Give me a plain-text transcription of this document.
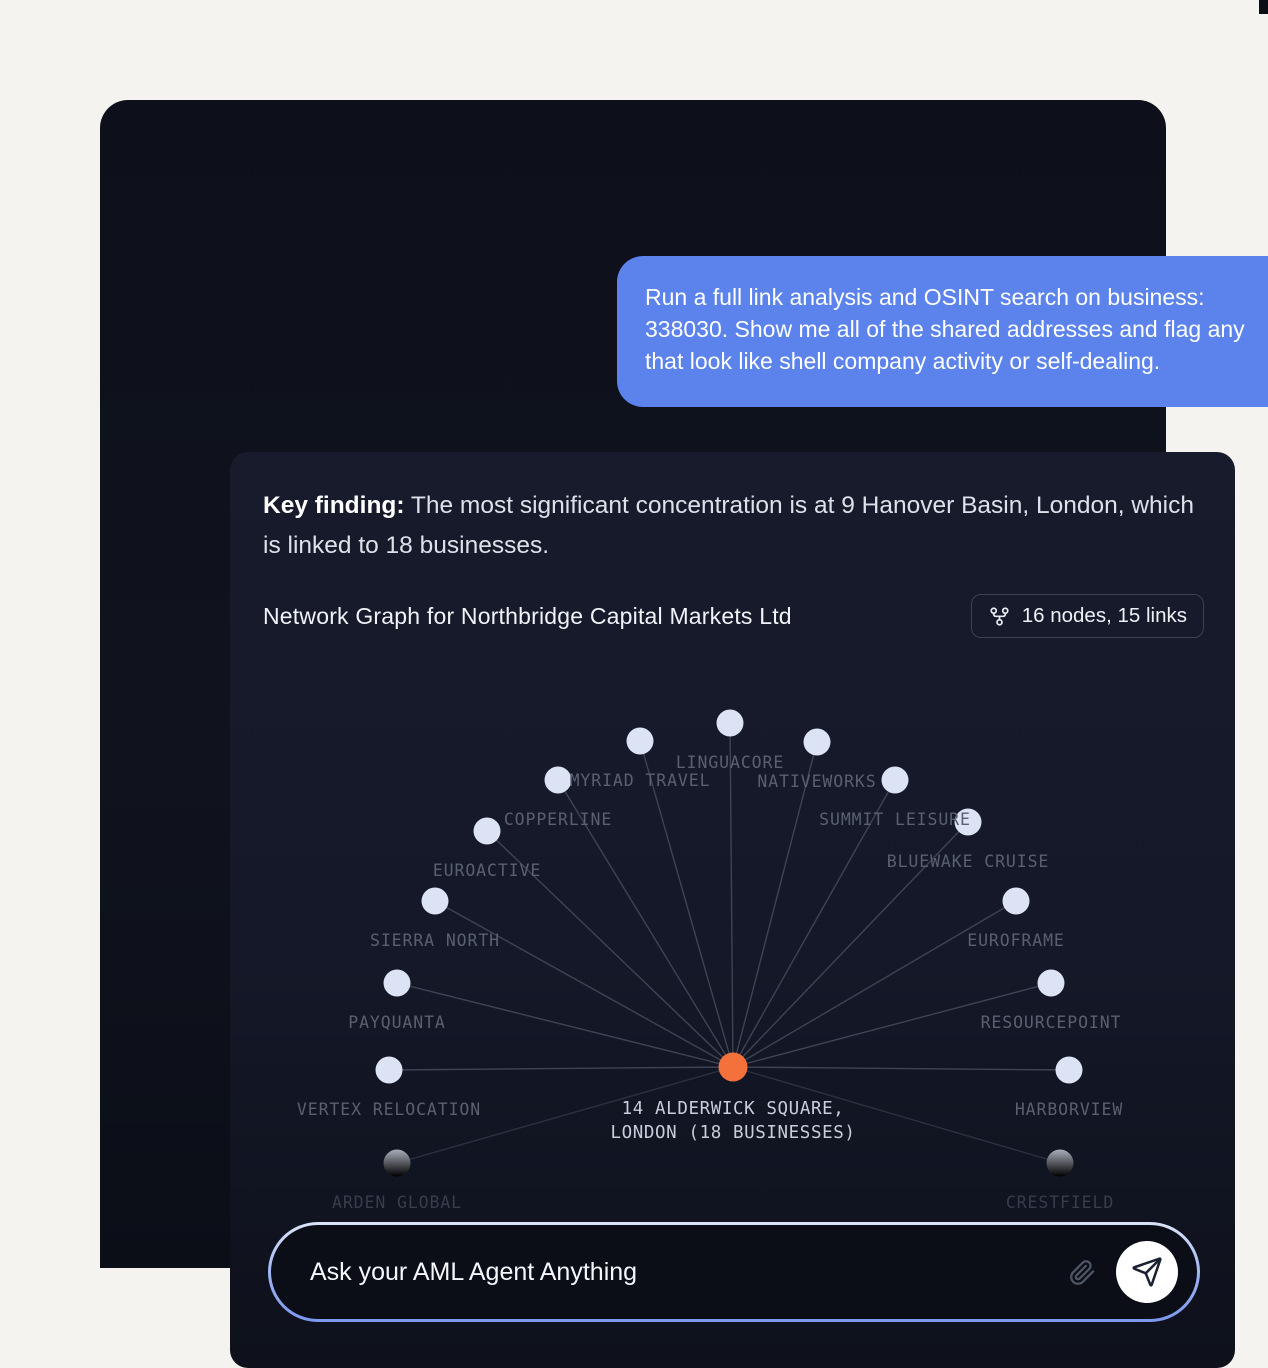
Run a full link analysis and OSINT search on business: 338030. Show me all of the shared addresses and flag any that look like shell company activity or self-dealing.

Key finding: The most significant concentration is at 9 Hanover Basin, London, which is linked to 18 businesses.

Network Graph for Northbridge Capital Markets Ltd	16 nodes, 15 links
LINGUACORE
MYRIAD TRAVEL	NATIVEWORKS
COPPERLINE	SUMMIT LEISURE
EUROACTIVE	BLUEWAKE CRUISE
SIERRA NORTH	EUROFRAME
PAYQUANTA	RESOURCEPOINT
VERTEX RELOCATION	HARBORVIEW
ARDEN GLOBAL	CRESTFIELD
14 ALDERWICK SQUARE,
LONDON (18 BUSINESSES)
Ask your AML Agent Anything
